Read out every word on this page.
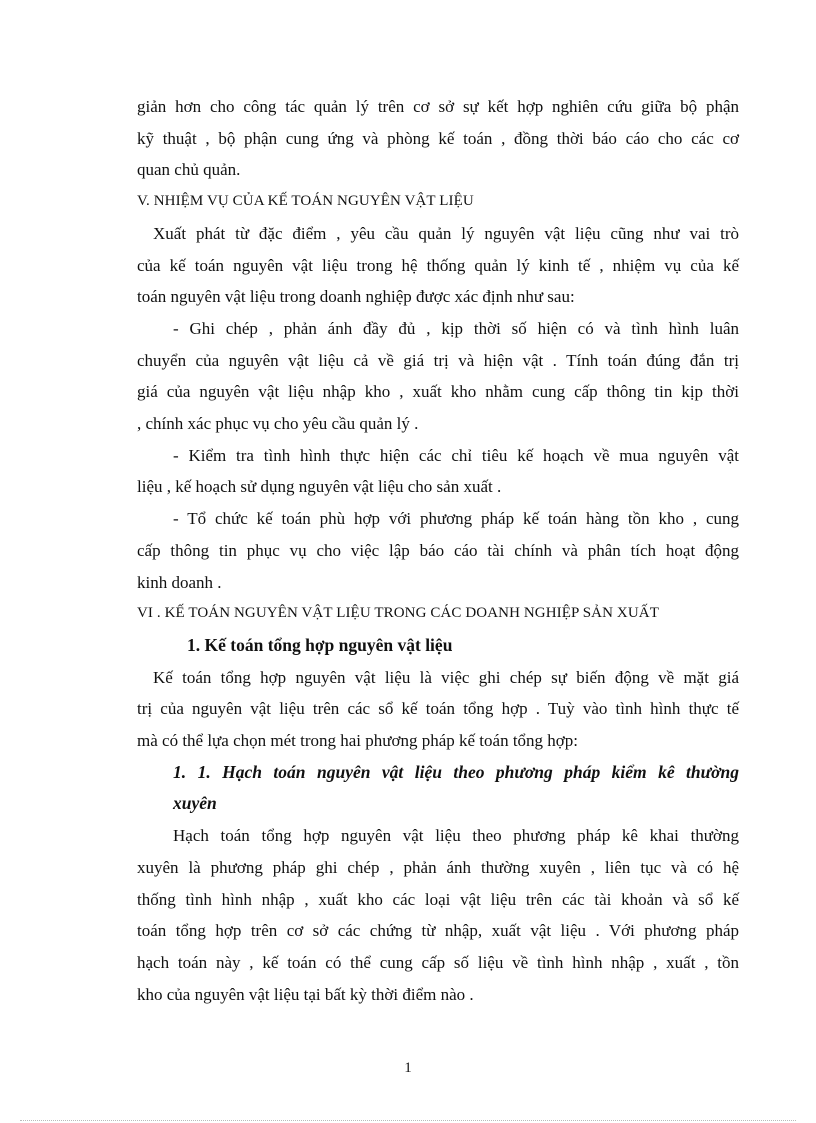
giản hơn cho công tác quản lý trên cơ sở sự kết hợp nghiên cứu giữa bộ phận
kỹ thuật , bộ phận cung ứng và phòng kế toán , đồng thời báo cáo cho các cơ
quan chủ quản.

V. NHIỆM VỤ CỦA KẾ TOÁN NGUYÊN VẬT LIỆU

Xuất phát từ đặc điểm , yêu cầu quản lý nguyên vật liệu cũng như vai trò
của kế toán nguyên vật liệu trong hệ thống quản lý kinh tế , nhiệm vụ của kế
toán nguyên vật liệu trong doanh nghiệp được xác định như sau:

- Ghi chép , phản ánh đầy đủ , kịp thời số hiện có và tình hình luân
chuyển của nguyên vật liệu cả về giá trị và hiện vật . Tính toán đúng đắn trị
giá của nguyên vật liệu nhập kho , xuất kho nhằm cung cấp thông tin kịp thời
, chính xác phục vụ cho yêu cầu quản lý .

- Kiểm tra tình hình thực hiện các chỉ tiêu kế hoạch về mua nguyên vật
liệu , kế hoạch sử dụng nguyên vật liệu cho sản xuất .

- Tổ chức kế toán phù hợp với phương pháp kế toán hàng tồn kho , cung
cấp thông tin phục vụ cho việc lập báo cáo tài chính và phân tích hoạt động
kinh doanh .

VI . KẾ TOÁN NGUYÊN VẬT LIỆU TRONG CÁC DOANH NGHIỆP SẢN XUẤT

1. Kế toán tổng hợp nguyên vật liệu

Kế toán tổng hợp nguyên vật liệu là việc ghi chép sự biến động về mặt giá
trị của nguyên vật liệu trên các sổ kế toán tổng hợp . Tuỳ vào tình hình thực tế
mà có thể lựa chọn mét trong hai phương pháp kế toán tổng hợp:

1. 1. Hạch toán nguyên vật liệu theo phương pháp kiểm kê thường
xuyên

Hạch toán tổng hợp nguyên vật liệu theo phương pháp kê khai thường
xuyên là phương pháp ghi chép , phản ánh thường xuyên , liên tục và có hệ
thống tình hình nhập , xuất kho các loại vật liệu trên các tài khoản và sổ kế
toán tổng hợp trên cơ sở các chứng từ nhập, xuất vật liệu . Với phương pháp
hạch toán này , kế toán có thể cung cấp số liệu về tình hình nhập , xuất , tồn
kho của nguyên vật liệu tại bất kỳ thời điểm nào .

1
